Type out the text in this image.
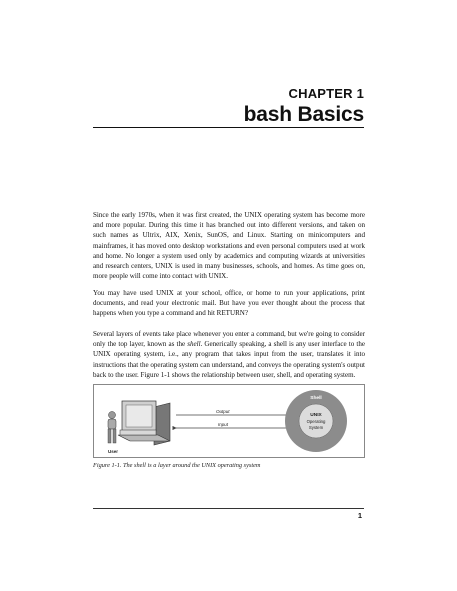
CHAPTER 1
bash Basics

Since the early 1970s, when it was first created, the UNIX operating system has become more and more popular. During this time it has branched out into different versions, and taken on such names as Ultrix, AIX, Xenix, SunOS, and Linux. Starting on minicomputers and mainframes, it has moved onto desktop workstations and even personal computers used at work and home. No longer a system used only by academics and computing wizards at universities and research centers, UNIX is used in many businesses, schools, and homes. As time goes on, more people will come into contact with UNIX.

You may have used UNIX at your school, office, or home to run your applications, print documents, and read your electronic mail. But have you ever thought about the process that happens when you type a command and hit RETURN?

Several layers of events take place whenever you enter a command, but we're going to consider only the top layer, known as the shell. Generically speaking, a shell is any user interface to the UNIX operating system, i.e., any program that takes input from the user, translates it into instructions that the operating system can understand, and conveys the operating system's output back to the user. Figure 1-1 shows the relationship between user, shell, and operating system.

User
Output
Input
Shell
UNIX
Operating
System
Figure 1-1. The shell is a layer around the UNIX operating system
1
